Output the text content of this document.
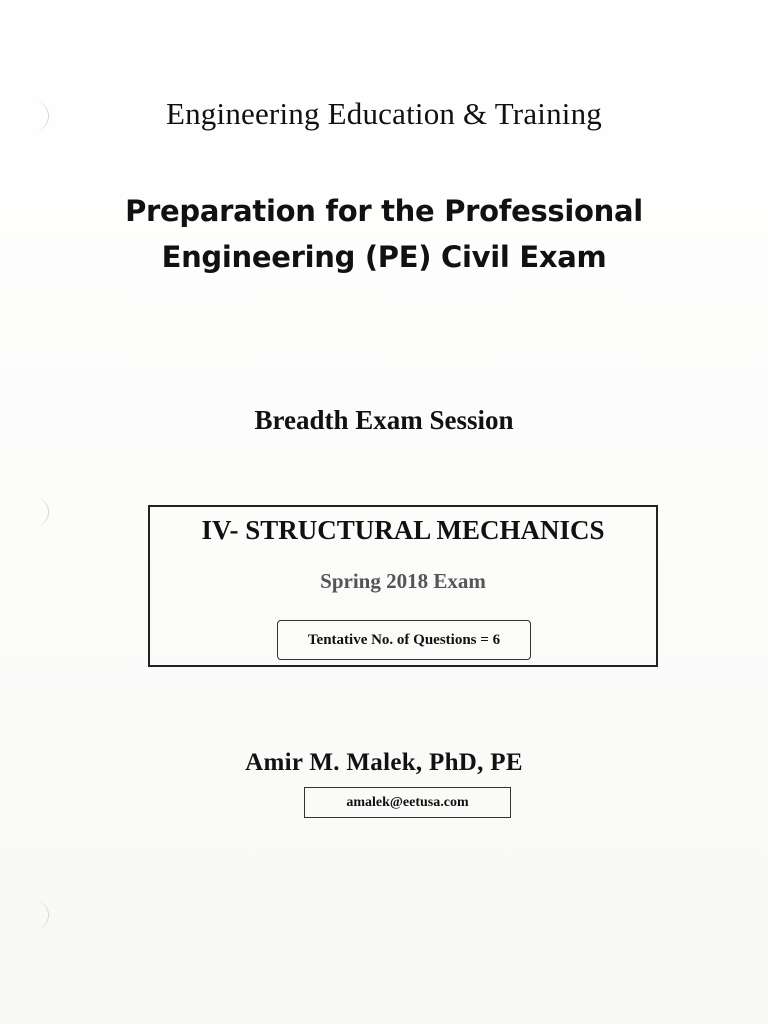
Engineering Education & Training
Preparation for the Professional
Engineering (PE) Civil Exam
Breadth Exam Session
IV- STRUCTURAL MECHANICS
Spring 2018 Exam
Tentative No. of Questions = 6
Amir M. Malek, PhD, PE
amalek@eetusa.com
